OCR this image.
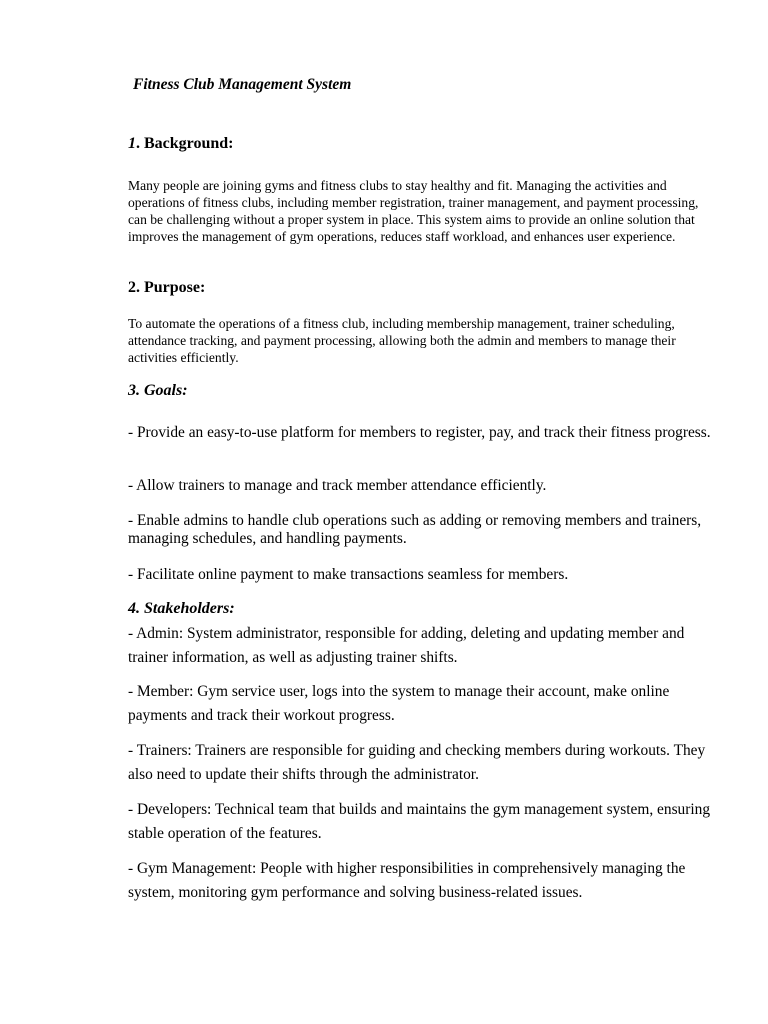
Fitness Club Management System
1. Background:

Many people are joining gyms and fitness clubs to stay healthy and fit. Managing the activities and operations of fitness clubs, including member registration, trainer management, and payment processing, can be challenging without a proper system in place. This system aims to provide an online solution that improves the management of gym operations, reduces staff workload, and enhances user experience.

2. Purpose:

To automate the operations of a fitness club, including membership management, trainer scheduling, attendance tracking, and payment processing, allowing both the admin and members to manage their activities efficiently.

3. Goals:

- Provide an easy-to-use platform for members to register, pay, and track their fitness progress.

- Allow trainers to manage and track member attendance efficiently.

- Enable admins to handle club operations such as adding or removing members and trainers, managing schedules, and handling payments.

- Facilitate online payment to make transactions seamless for members.

4. Stakeholders:

- Admin: System administrator, responsible for adding, deleting and updating member and trainer information, as well as adjusting trainer shifts.

- Member: Gym service user, logs into the system to manage their account, make online payments and track their workout progress.

- Trainers: Trainers are responsible for guiding and checking members during workouts. They also need to update their shifts through the administrator.

- Developers: Technical team that builds and maintains the gym management system, ensuring stable operation of the features.

- Gym Management: People with higher responsibilities in comprehensively managing the system, monitoring gym performance and solving business-related issues.
